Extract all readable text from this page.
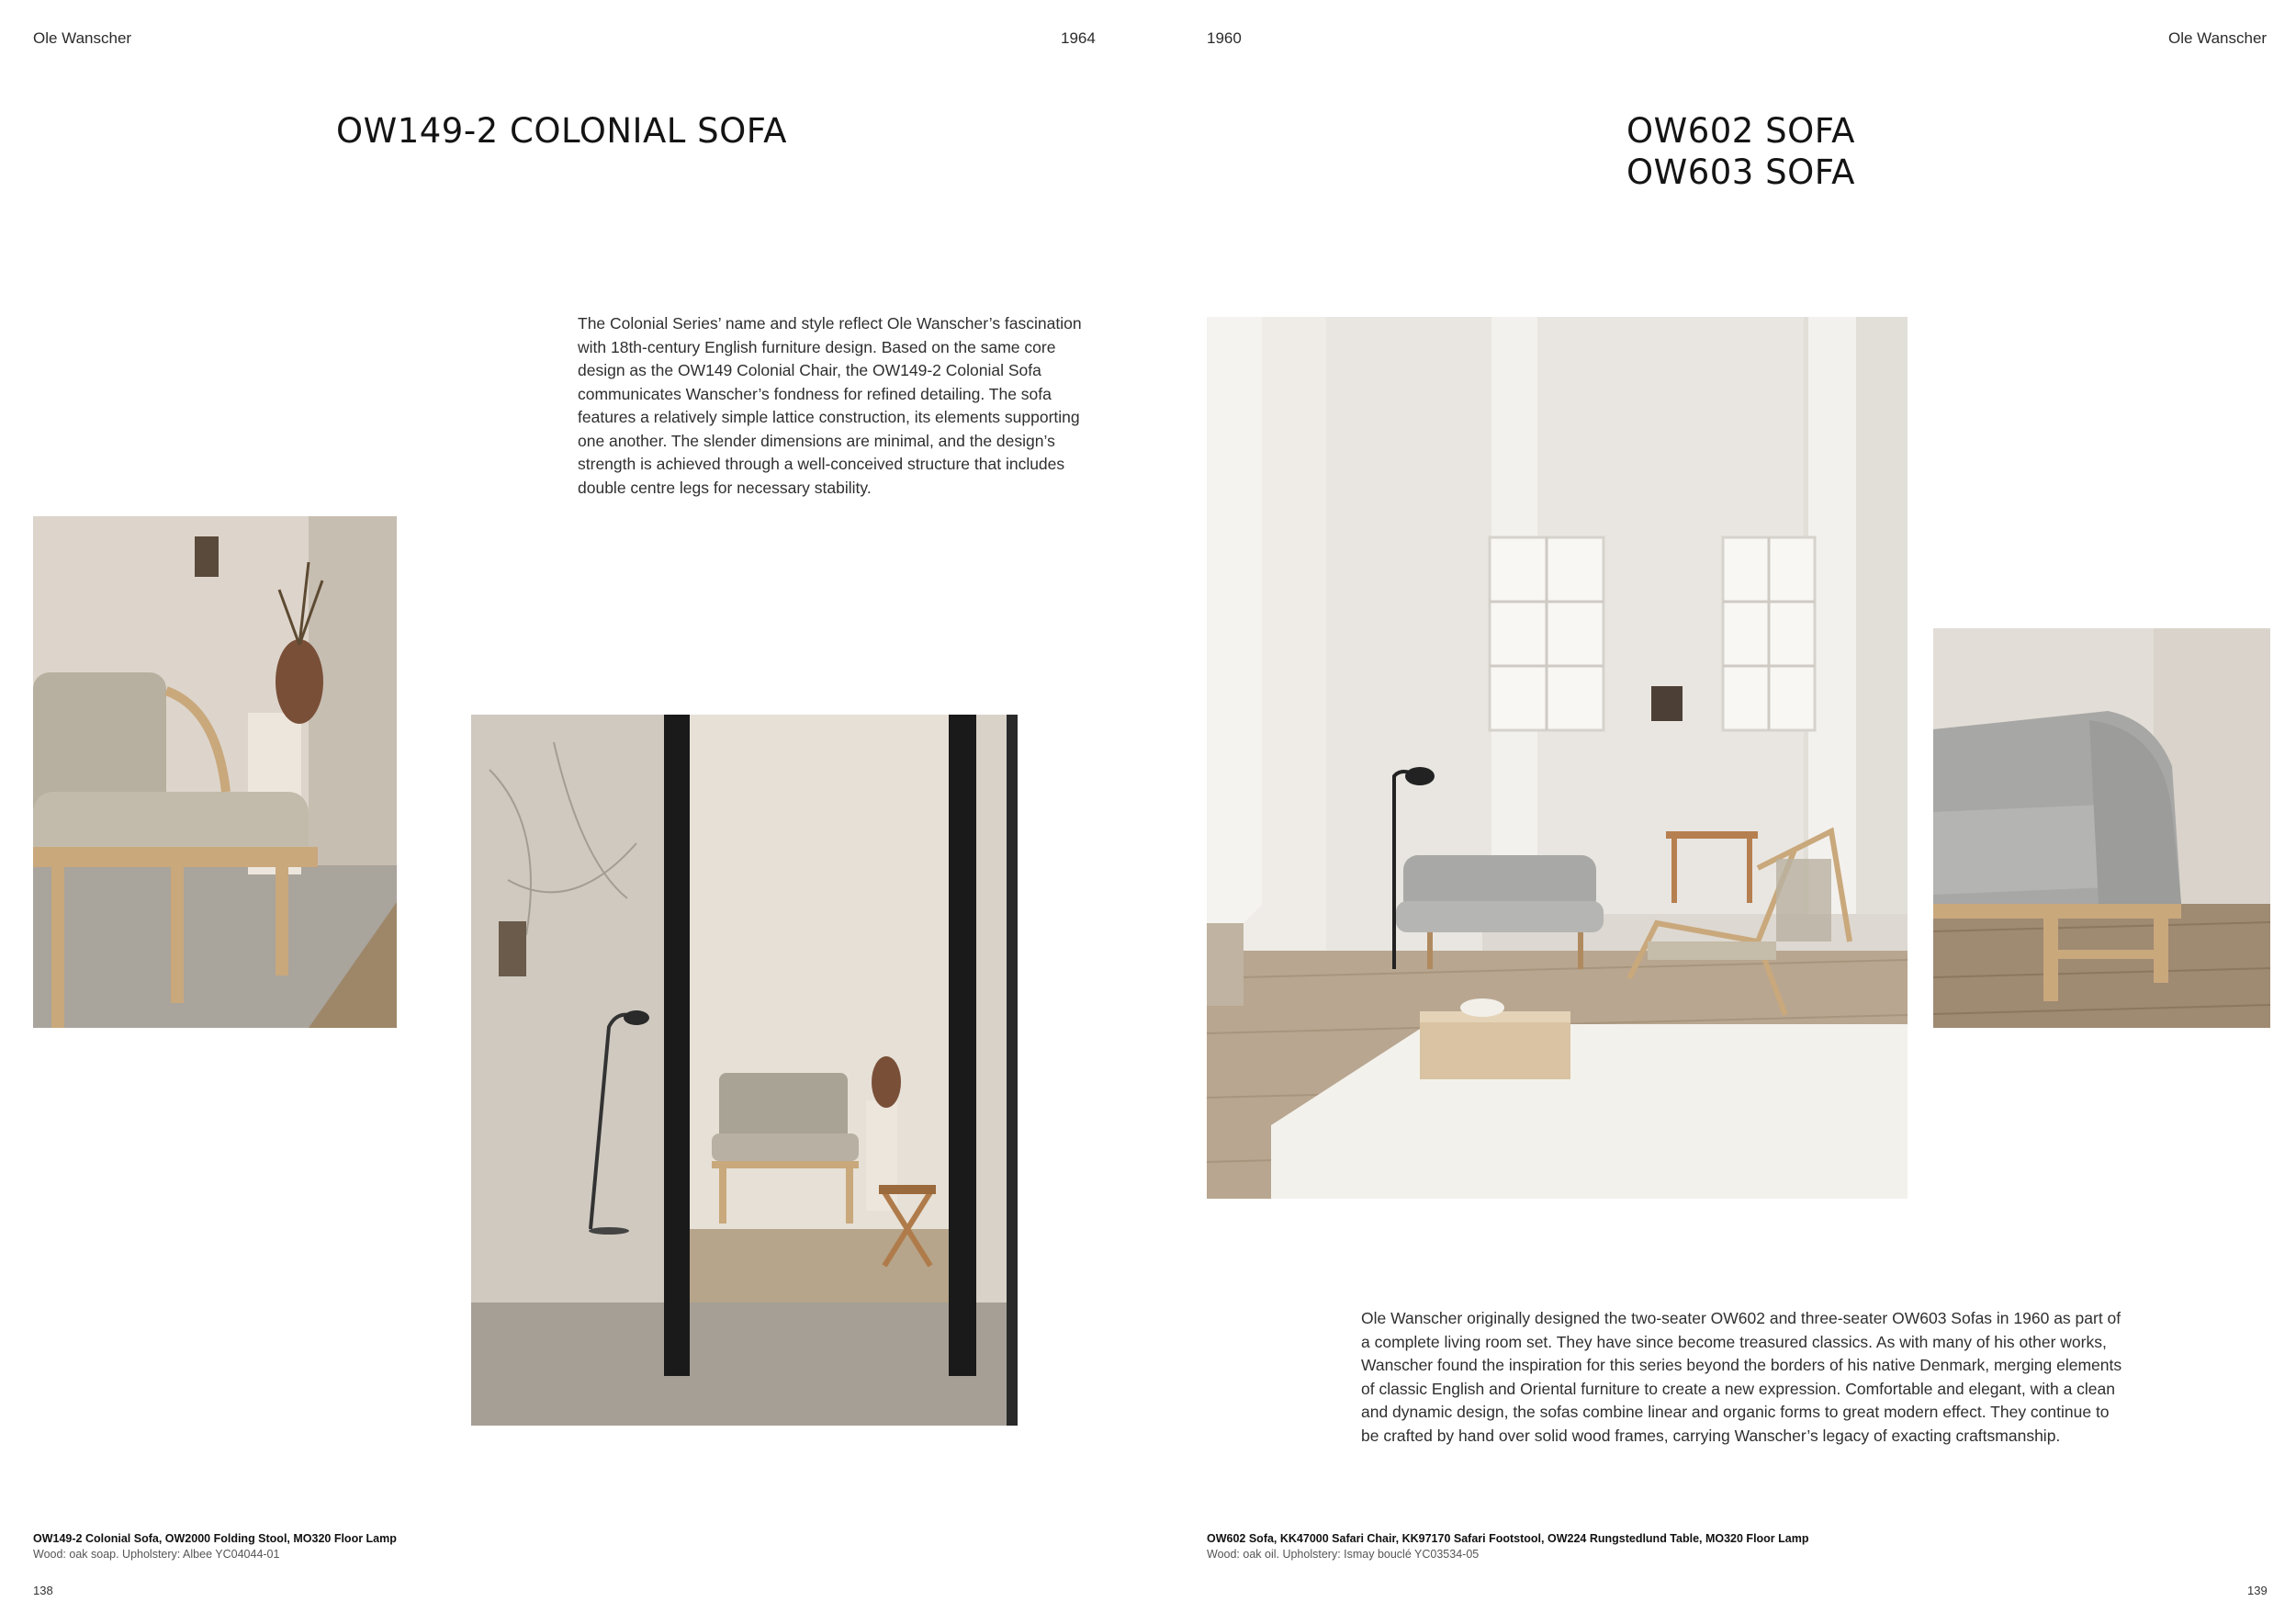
Ole Wanscher	1964
OW149-2 COLONIAL SOFA
The Colonial Series’ name and style reflect Ole Wanscher’s fascination with 18th-century English furniture design. Based on the same core design as the OW149 Colonial Chair, the OW149-2 Colonial Sofa communicates Wanscher’s fondness for refined detailing. The sofa features a relatively simple lattice construction, its elements supporting one another. The slender dimensions are minimal, and the design’s strength is achieved through a well-conceived structure that includes double centre legs for necessary stability.
OW149-2 Colonial Sofa, OW2000 Folding Stool, MO320 Floor Lamp
Wood: oak soap. Upholstery: Albee YC04044-01
138
1960	Ole Wanscher
OW602 SOFA
OW603 SOFA
Ole Wanscher originally designed the two-seater OW602 and three-seater OW603 Sofas in 1960 as part of a complete living room set. They have since become treasured classics. As with many of his other works, Wanscher found the inspiration for this series beyond the borders of his native Denmark, merging elements of classic English and Oriental furniture to create a new expression. Comfortable and elegant, with a clean and dynamic design, the sofas combine linear and organic forms to great modern effect. They continue to be crafted by hand over solid wood frames, carrying Wanscher’s legacy of exacting craftsmanship.
OW602 Sofa, KK47000 Safari Chair, KK97170 Safari Footstool, OW224 Rungstedlund Table, MO320 Floor Lamp
Wood: oak oil. Upholstery: Ismay bouclé YC03534-05
139
